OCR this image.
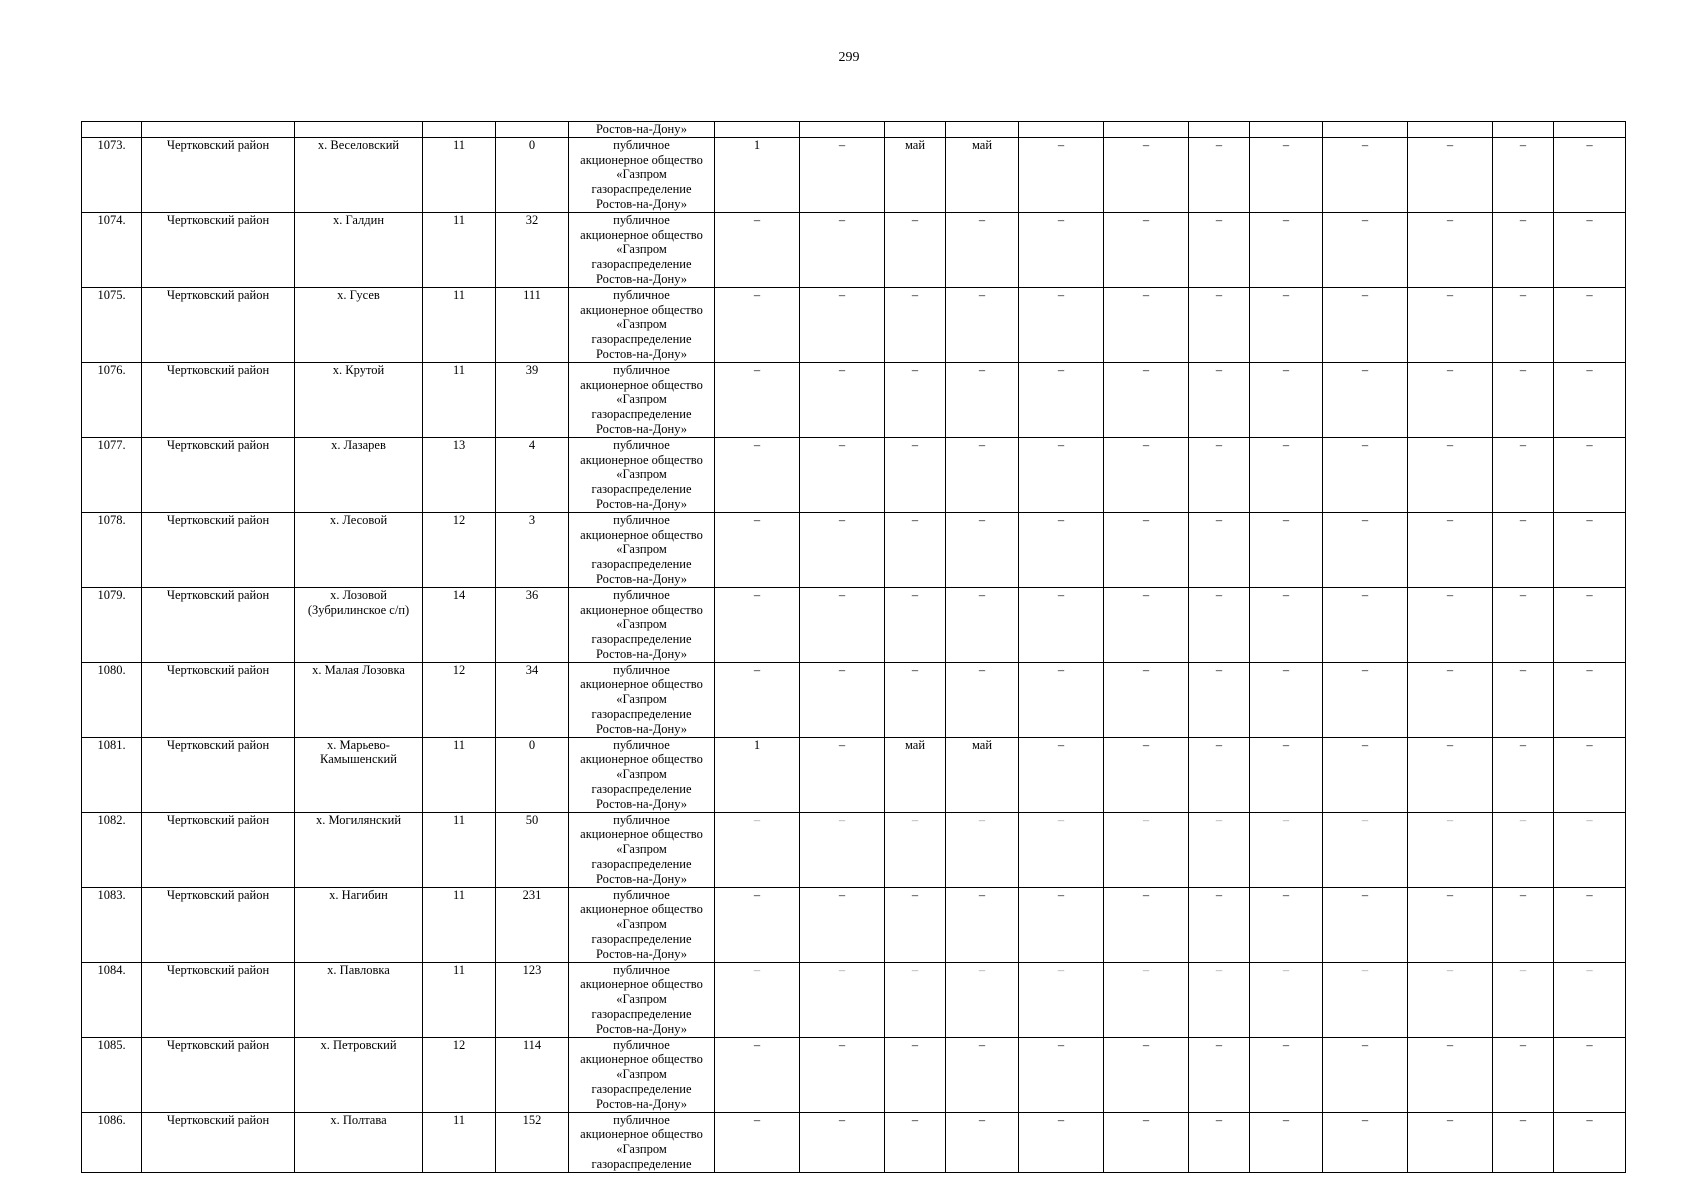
299
					Ростов-на-Дону»												
1073.	Чертковский район	х. Веселовский	11	0	публичное
акционерное общество
«Газпром
газораспределение
Ростов-на-Дону»	1	–	май	май	–	–	–	–	–	–	–	–
1074.	Чертковский район	х. Галдин	11	32	публичное
акционерное общество
«Газпром
газораспределение
Ростов-на-Дону»	–	–	–	–	–	–	–	–	–	–	–	–
1075.	Чертковский район	х. Гусев	11	111	публичное
акционерное общество
«Газпром
газораспределение
Ростов-на-Дону»	–	–	–	–	–	–	–	–	–	–	–	–
1076.	Чертковский район	х. Крутой	11	39	публичное
акционерное общество
«Газпром
газораспределение
Ростов-на-Дону»	–	–	–	–	–	–	–	–	–	–	–	–
1077.	Чертковский район	х. Лазарев	13	4	публичное
акционерное общество
«Газпром
газораспределение
Ростов-на-Дону»	–	–	–	–	–	–	–	–	–	–	–	–
1078.	Чертковский район	х. Лесовой	12	3	публичное
акционерное общество
«Газпром
газораспределение
Ростов-на-Дону»	–	–	–	–	–	–	–	–	–	–	–	–
1079.	Чертковский район	х. Лозовой (Зубрилинское с/п)	14	36	публичное
акционерное общество
«Газпром
газораспределение
Ростов-на-Дону»	–	–	–	–	–	–	–	–	–	–	–	–
1080.	Чертковский район	х. Малая Лозовка	12	34	публичное
акционерное общество
«Газпром
газораспределение
Ростов-на-Дону»	–	–	–	–	–	–	–	–	–	–	–	–
1081.	Чертковский район	х. Марьево-Камышенский	11	0	публичное
акционерное общество
«Газпром
газораспределение
Ростов-на-Дону»	1	–	май	май	–	–	–	–	–	–	–	–
1082.	Чертковский район	х. Могилянский	11	50	публичное
акционерное общество
«Газпром
газораспределение
Ростов-на-Дону»	–	–	–	–	–	–	–	–	–	–	–	–
1083.	Чертковский район	х. Нагибин	11	231	публичное
акционерное общество
«Газпром
газораспределение
Ростов-на-Дону»	–	–	–	–	–	–	–	–	–	–	–	–
1084.	Чертковский район	х. Павловка	11	123	публичное
акционерное общество
«Газпром
газораспределение
Ростов-на-Дону»	–	–	–	–	–	–	–	–	–	–	–	–
1085.	Чертковский район	х. Петровский	12	114	публичное
акционерное общество
«Газпром
газораспределение
Ростов-на-Дону»	–	–	–	–	–	–	–	–	–	–	–	–
1086.	Чертковский район	х. Полтава	11	152	публичное
акционерное общество
«Газпром
газораспределение	–	–	–	–	–	–	–	–	–	–	–	–
